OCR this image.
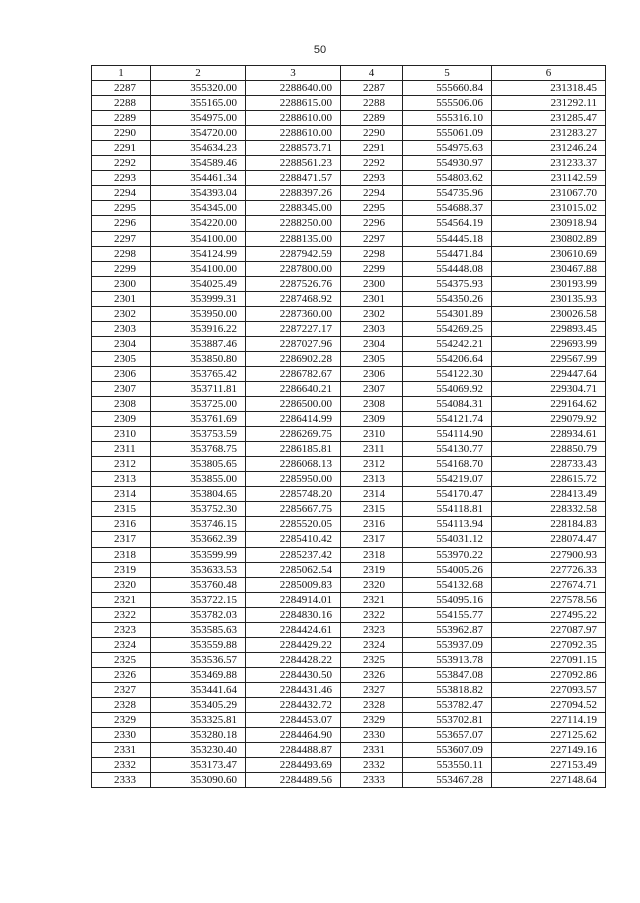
50
1	2	3	4	5	6
2287	355320.00	2288640.00	2287	555660.84	231318.45
2288	355165.00	2288615.00	2288	555506.06	231292.11
2289	354975.00	2288610.00	2289	555316.10	231285.47
2290	354720.00	2288610.00	2290	555061.09	231283.27
2291	354634.23	2288573.71	2291	554975.63	231246.24
2292	354589.46	2288561.23	2292	554930.97	231233.37
2293	354461.34	2288471.57	2293	554803.62	231142.59
2294	354393.04	2288397.26	2294	554735.96	231067.70
2295	354345.00	2288345.00	2295	554688.37	231015.02
2296	354220.00	2288250.00	2296	554564.19	230918.94
2297	354100.00	2288135.00	2297	554445.18	230802.89
2298	354124.99	2287942.59	2298	554471.84	230610.69
2299	354100.00	2287800.00	2299	554448.08	230467.88
2300	354025.49	2287526.76	2300	554375.93	230193.99
2301	353999.31	2287468.92	2301	554350.26	230135.93
2302	353950.00	2287360.00	2302	554301.89	230026.58
2303	353916.22	2287227.17	2303	554269.25	229893.45
2304	353887.46	2287027.96	2304	554242.21	229693.99
2305	353850.80	2286902.28	2305	554206.64	229567.99
2306	353765.42	2286782.67	2306	554122.30	229447.64
2307	353711.81	2286640.21	2307	554069.92	229304.71
2308	353725.00	2286500.00	2308	554084.31	229164.62
2309	353761.69	2286414.99	2309	554121.74	229079.92
2310	353753.59	2286269.75	2310	554114.90	228934.61
2311	353768.75	2286185.81	2311	554130.77	228850.79
2312	353805.65	2286068.13	2312	554168.70	228733.43
2313	353855.00	2285950.00	2313	554219.07	228615.72
2314	353804.65	2285748.20	2314	554170.47	228413.49
2315	353752.30	2285667.75	2315	554118.81	228332.58
2316	353746.15	2285520.05	2316	554113.94	228184.83
2317	353662.39	2285410.42	2317	554031.12	228074.47
2318	353599.99	2285237.42	2318	553970.22	227900.93
2319	353633.53	2285062.54	2319	554005.26	227726.33
2320	353760.48	2285009.83	2320	554132.68	227674.71
2321	353722.15	2284914.01	2321	554095.16	227578.56
2322	353782.03	2284830.16	2322	554155.77	227495.22
2323	353585.63	2284424.61	2323	553962.87	227087.97
2324	353559.88	2284429.22	2324	553937.09	227092.35
2325	353536.57	2284428.22	2325	553913.78	227091.15
2326	353469.88	2284430.50	2326	553847.08	227092.86
2327	353441.64	2284431.46	2327	553818.82	227093.57
2328	353405.29	2284432.72	2328	553782.47	227094.52
2329	353325.81	2284453.07	2329	553702.81	227114.19
2330	353280.18	2284464.90	2330	553657.07	227125.62
2331	353230.40	2284488.87	2331	553607.09	227149.16
2332	353173.47	2284493.69	2332	553550.11	227153.49
2333	353090.60	2284489.56	2333	553467.28	227148.64
